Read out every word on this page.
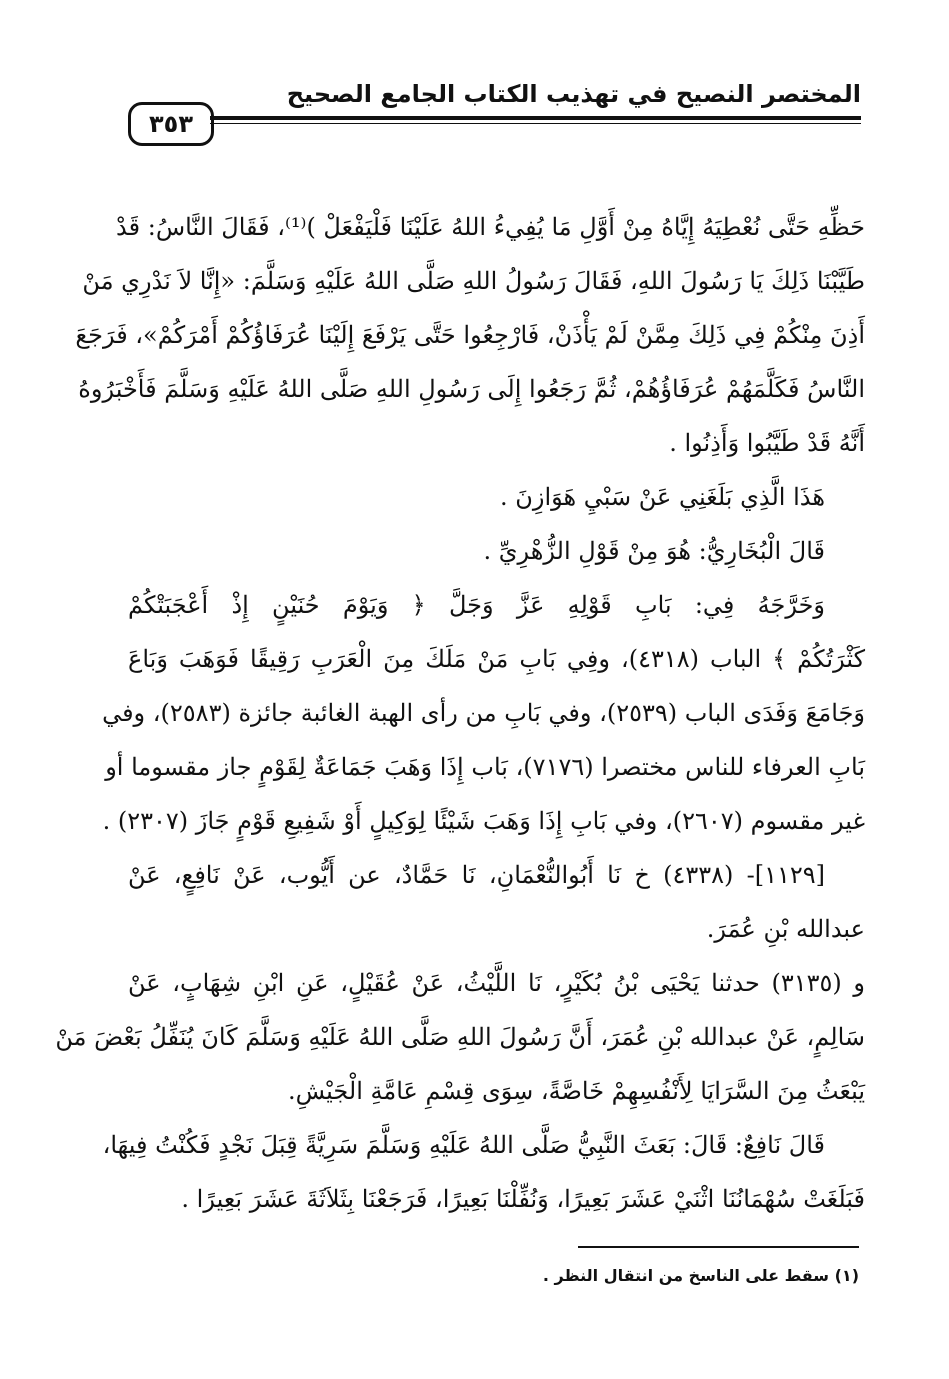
المختصر النصيح في تهذيب الكتاب الجامع الصحيح
٣٥٣
حَظِّهِ حَتَّى نُعْطِيَهُ إِيَّاهُ مِنْ أَوَّلِ مَا يُفِيءُ اللهُ عَلَيْنَا فَلْيَفْعَلْ )⁽¹⁾، فَقَالَ النَّاسُ: قَدْ
طَيَّبْنَا ذَلِكَ يَا رَسُولَ اللهِ، فَقَالَ رَسُولُ اللهِ صَلَّى اللهُ عَلَيْهِ وَسَلَّمَ: «إِنَّا لاَ نَدْرِي مَنْ
أَذِنَ مِنْكُمْ فِي ذَلِكَ مِمَّنْ لَمْ يَأْذَنْ، فَارْجِعُوا حَتَّى يَرْفَعَ إِلَيْنَا عُرَفَاؤُكُمْ أَمْرَكُمْ»، فَرَجَعَ
النَّاسُ فَكَلَّمَهُمْ عُرَفَاؤُهُمْ، ثُمَّ رَجَعُوا إِلَى رَسُولِ اللهِ صَلَّى اللهُ عَلَيْهِ وَسَلَّمَ فَأَخْبَرُوهُ
أَنَّهُ قَدْ طَيَّبُوا وَأَذِنُوا .
هَذَا الَّذِي بَلَغَنِي عَنْ سَبْيِ هَوَازِنَ .
قَالَ الْبُخَارِيُّ: هُوَ مِنْ قَوْلِ الزُّهْرِيِّ .
وَخَرَّجَهُ فِي: بَابِ قَوْلِهِ عَزَّ وَجَلَّ ﴿ وَيَوْمَ حُنَيْنٍ إِذْ أَعْجَبَتْكُمْ
كَثْرَتُكُمْ ﴾ الباب (٤٣١٨)، وفِي بَابِ مَنْ مَلَكَ مِنَ الْعَرَبِ رَقِيقًا فَوَهَبَ وَبَاعَ
وَجَامَعَ وَفَدَى الباب (٢٥٣٩)، وفي بَابِ من رأى الهبة الغائبة جائزة (٢٥٨٣)، وفي
بَابِ العرفاء للناس مختصرا (٧١٧٦)، بَاب إِذَا وَهَبَ جَمَاعَةٌ لِقَوْمٍ جاز مقسوما أو
غير مقسوم (٢٦٠٧)، وفي بَابِ إِذَا وَهَبَ شَيْئًا لِوَكِيلٍ أَوْ شَفِيعِ قَوْمٍ جَازَ (٢٣٠٧) .
[١١٢٩]- (٤٣٣٨) خ نَا أَبُوالنُّعْمَانِ، نَا حَمَّادٌ، عن أَيُّوب، عَنْ نَافِعٍ، عَنْ
عبدالله بْنِ عُمَرَ.
و (٣١٣٥) حدثنا يَحْيَى بْنُ بُكَيْرٍ، نَا اللَّيْثُ، عَنْ عُقَيْلٍ، عَنِ ابْنِ شِهَابٍ، عَنْ
سَالِمٍ، عَنْ عبدالله بْنِ عُمَرَ، أَنَّ رَسُولَ اللهِ صَلَّى اللهُ عَلَيْهِ وَسَلَّمَ كَانَ يُنَفِّلُ بَعْضَ مَنْ
يَبْعَثُ مِنَ السَّرَايَا لِأَنْفُسِهِمْ خَاصَّةً، سِوَى قِسْمِ عَامَّةِ الْجَيْشِ.
قَالَ نَافِعٌ: قَالَ: بَعَثَ النَّبِيُّ صَلَّى اللهُ عَلَيْهِ وَسَلَّمَ سَرِيَّةً قِبَلَ نَجْدٍ فَكُنْتُ فِيهَا،
فَبَلَغَتْ سُهْمَانُنَا اثْنَيْ عَشَرَ بَعِيرًا، وَنُفِّلْنَا بَعِيرًا، فَرَجَعْنَا بِثَلاَثَةَ عَشَرَ بَعِيرًا .
(١) سقط على الناسخ من انتقال النظر .
